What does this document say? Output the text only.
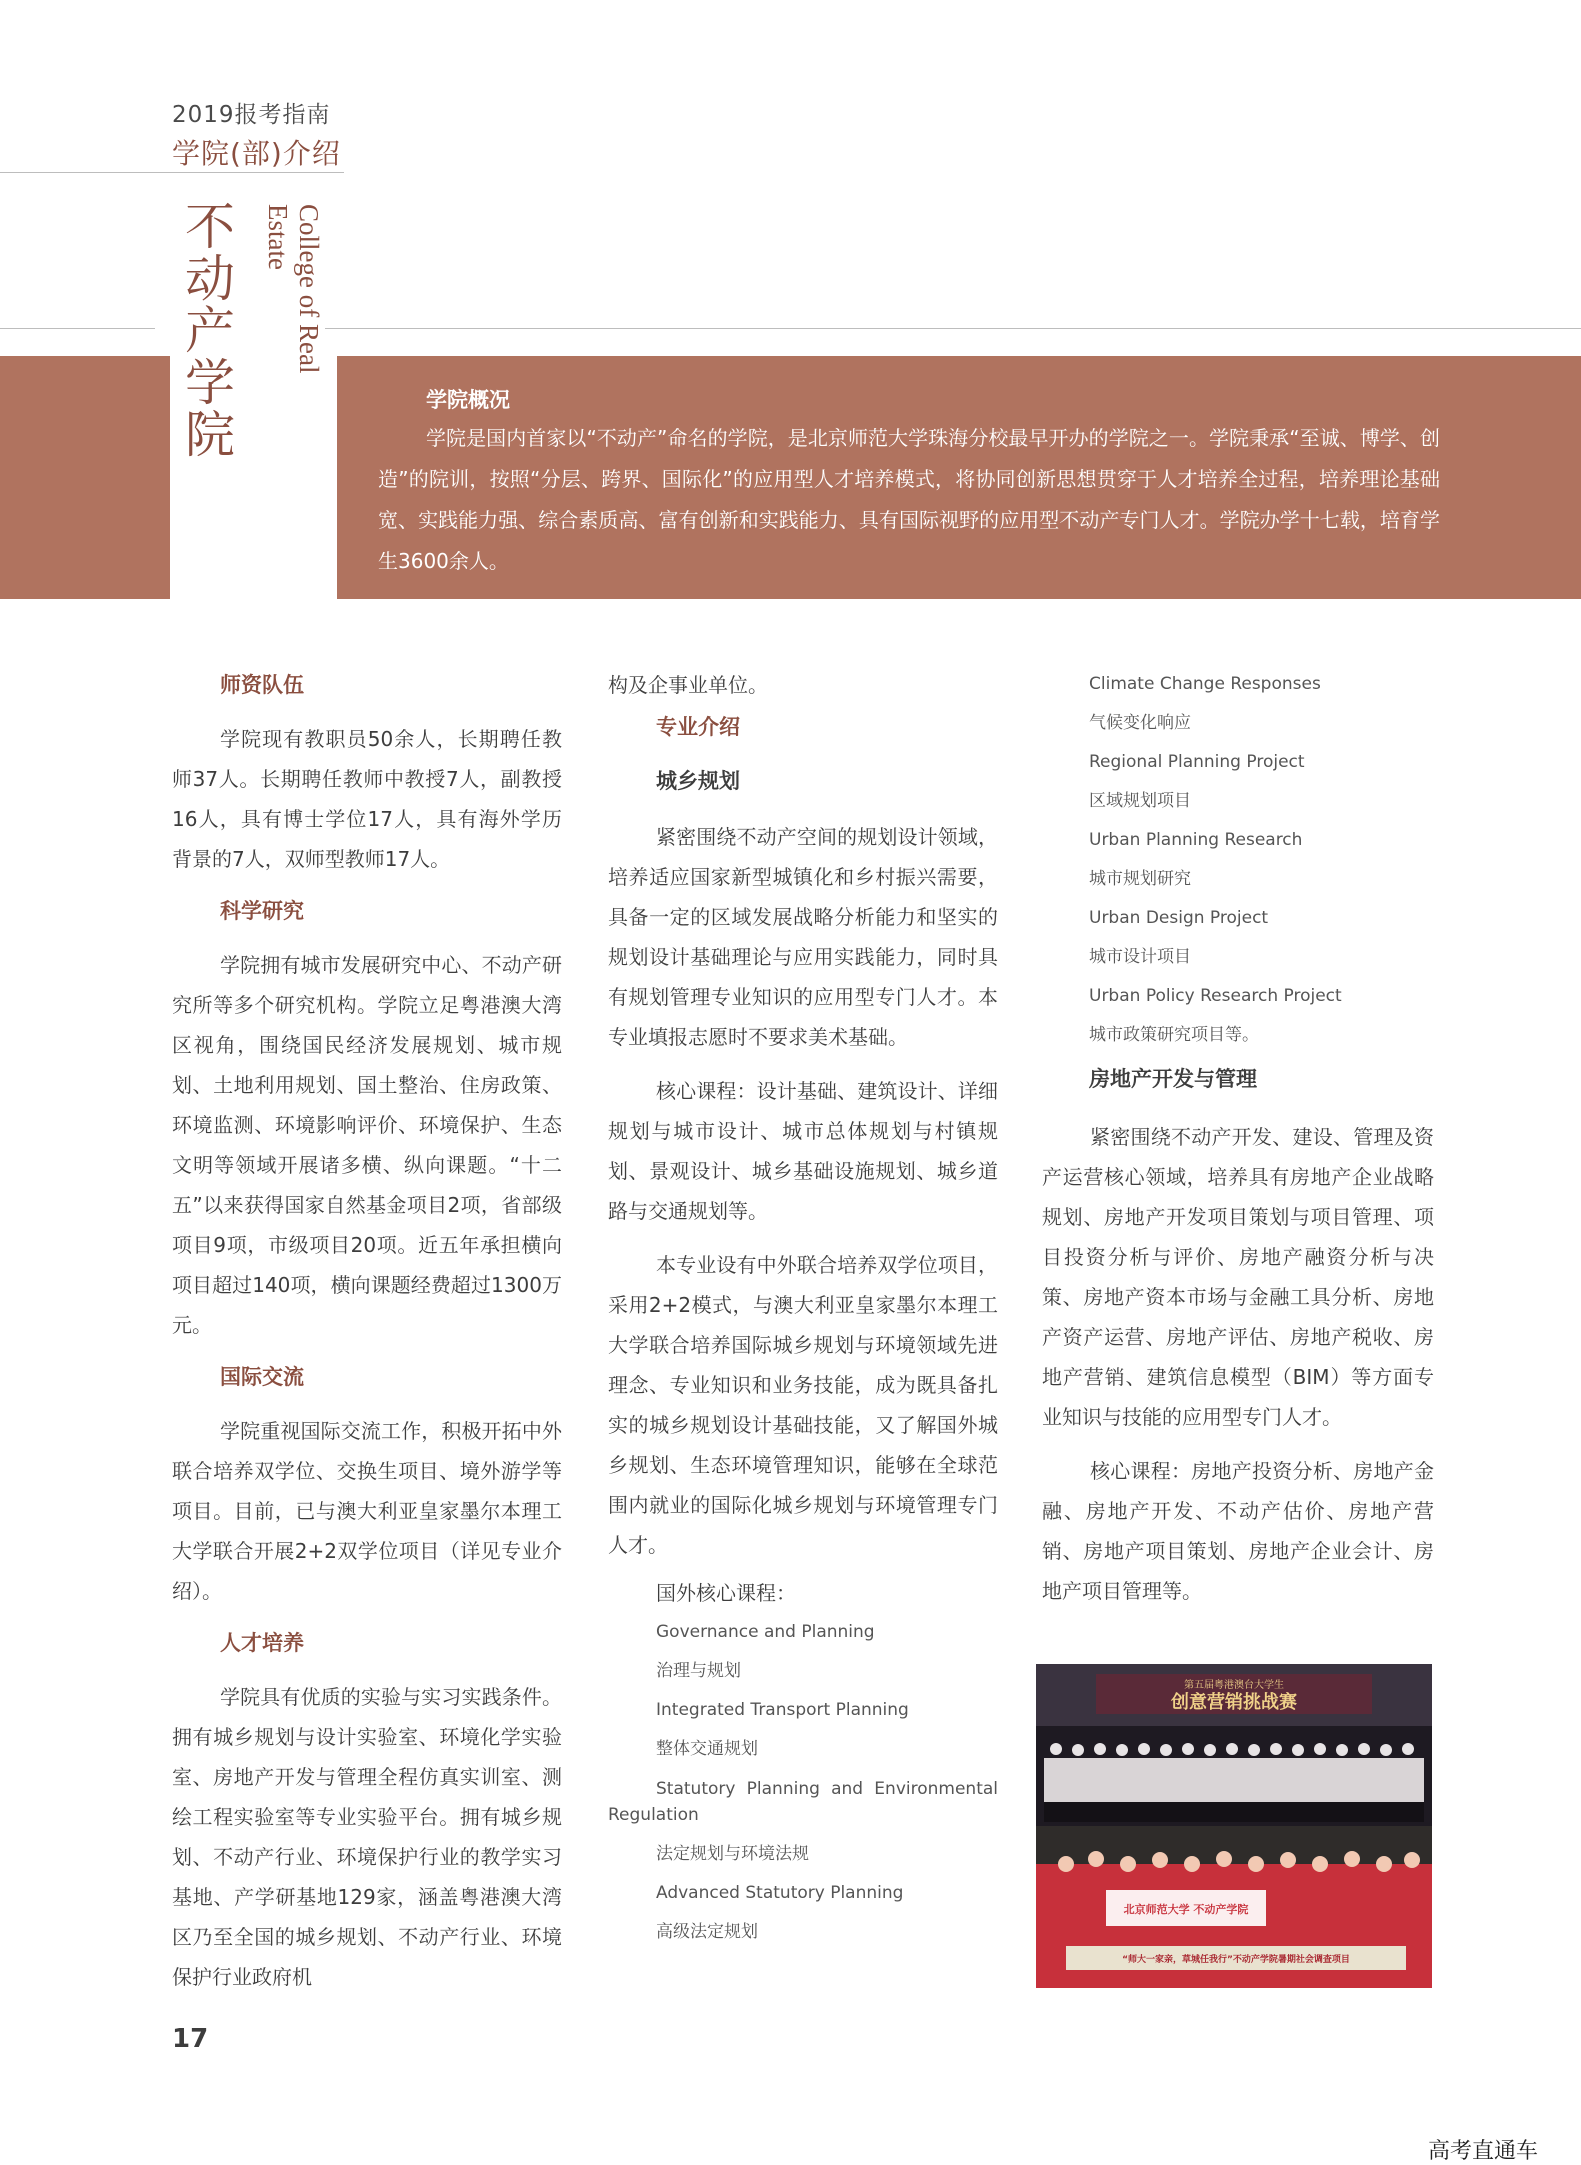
2019报考指南
学院(部)介绍
不动产学院	College of Real Estate
学院概况
学院是国内首家以“不动产”命名的学院，是北京师范大学珠海分校最早开办的学院之一。学院秉承“至诚、博学、创造”的院训，按照“分层、跨界、国际化”的应用型人才培养模式，将协同创新思想贯穿于人才培养全过程，培养理论基础宽、实践能力强、综合素质高、富有创新和实践能力、具有国际视野的应用型不动产专门人才。学院办学十七载，培育学生3600余人。
师资队伍

学院现有教职员50余人，长期聘任教师37人。长期聘任教师中教授7人，副教授16人，具有博士学位17人，具有海外学历背景的7人，双师型教师17人。

科学研究

学院拥有城市发展研究中心、不动产研究所等多个研究机构。学院立足粤港澳大湾区视角，围绕国民经济发展规划、城市规划、土地利用规划、国土整治、住房政策、环境监测、环境影响评价、环境保护、生态文明等领域开展诸多横、纵向课题。“十二五”以来获得国家自然基金项目2项，省部级项目9项，市级项目20项。近五年承担横向项目超过140项，横向课题经费超过1300万元。

国际交流

学院重视国际交流工作，积极开拓中外联合培养双学位、交换生项目、境外游学等项目。目前，已与澳大利亚皇家墨尔本理工大学联合开展2+2双学位项目（详见专业介绍）。

人才培养

学院具有优质的实验与实习实践条件。拥有城乡规划与设计实验室、环境化学实验室、房地产开发与管理全程仿真实训室、测绘工程实验室等专业实验平台。拥有城乡规划、不动产行业、环境保护行业的教学实习基地、产学研基地129家，涵盖粤港澳大湾区乃至全国的城乡规划、不动产行业、环境保护行业政府机

构及企事业单位。
专业介绍
城乡规划

紧密围绕不动产空间的规划设计领域，培养适应国家新型城镇化和乡村振兴需要，具备一定的区域发展战略分析能力和坚实的规划设计基础理论与应用实践能力，同时具有规划管理专业知识的应用型专门人才。本专业填报志愿时不要求美术基础。

核心课程：设计基础、建筑设计、详细规划与城市设计、城市总体规划与村镇规划、景观设计、城乡基础设施规划、城乡道路与交通规划等。

本专业设有中外联合培养双学位项目，采用2+2模式，与澳大利亚皇家墨尔本理工大学联合培养国际城乡规划与环境领域先进理念、专业知识和业务技能，成为既具备扎实的城乡规划设计基础技能，又了解国外城乡规划、生态环境管理知识，能够在全球范围内就业的国际化城乡规划与环境管理专门人才。

国外核心课程：
Governance and Planning
治理与规划
Integrated Transport Planning
整体交通规划
Statutory Planning and Environmental Regulation
法定规划与环境法规
Advanced Statutory Planning
高级法定规划
Climate Change Responses
气候变化响应
Regional Planning Project
区域规划项目
Urban Planning Research
城市规划研究
Urban Design Project
城市设计项目
Urban Policy Research Project
城市政策研究项目等。
房地产开发与管理

紧密围绕不动产开发、建设、管理及资产运营核心领域，培养具有房地产企业战略规划、房地产开发项目策划与项目管理、项目投资分析与评价、房地产融资分析与决策、房地产资本市场与金融工具分析、房地产资产运营、房地产评估、房地产税收、房地产营销、建筑信息模型（BIM）等方面专业知识与技能的应用型专门人才。

核心课程：房地产投资分析、房地产金融、房地产开发、不动产估价、房地产营销、房地产项目策划、房地产企业会计、房地产项目管理等。

第五届粤港澳台大学生
创意营销挑战赛
北京师范大学 不动产学院
“师大一家亲，草城任我行”不动产学院暑期社会调查项目
17
高考直通车
